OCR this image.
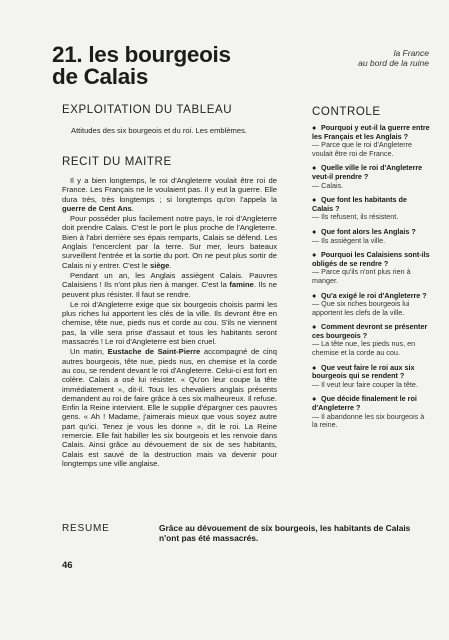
21. les bourgeois
de Calais
la France
au bord de la ruine
EXPLOITATION DU TABLEAU
Attitudes des six bourgeois et du roi. Les emblèmes.
RECIT DU MAITRE

Il y a bien longtemps, le roi d'Angleterre voulait être roi de France. Les Français ne le voulaient pas. Il y eut la guerre. Elle dura très, très longtemps ; si longtemps qu'on l'appela la guerre de Cent Ans.

Pour posséder plus facilement notre pays, le roi d'Angleterre doit prendre Calais. C'est le port le plus proche de l'Angleterre. Bien à l'abri derrière ses épais remparts, Calais se défend. Les Anglais l'encerclent par la terre. Sur mer, leurs bateaux surveillent l'entrée et la sortie du port. On ne peut plus sortir de Calais ni y entrer. C'est le siège.

Pendant un an, les Anglais assiègent Calais. Pauvres Calaisiens ! Ils n'ont plus rien à manger. C'est la famine. Ils ne peuvent plus résister. Il faut se rendre.

Le roi d'Angleterre exige que six bourgeois choisis parmi les plus riches lui apportent les clés de la ville. Ils devront être en chemise, tête nue, pieds nus et corde au cou. S'ils ne viennent pas, la ville sera prise d'assaut et tous les habitants seront massacrés ! Le roi d'Angleterre est bien cruel.

Un matin, Eustache de Saint-Pierre accompagné de cinq autres bourgeois, tête nue, pieds nus, en chemise et la corde au cou, se rendent devant le roi d'Angleterre. Celui-ci est fort en colère. Calais a osé lui résister. « Qu'on leur coupe la tête immédiatement », dit-il. Tous les chevaliers anglais présents demandent au roi de faire grâce à ces six malheureux. Il refuse. Enfin la Reine intervient. Elle le supplie d'épargner ces pauvres gens. « Ah ! Madame, j'aimerais mieux que vous soyez autre part qu'ici. Tenez je vous les donne », dit le roi. La Reine remercie. Elle fait habiller les six bourgeois et les renvoie dans Calais. Ainsi grâce au dévouement de six de ses habitants, Calais est sauvé de la destruction mais va devenir pour longtemps une ville anglaise.

CONTROLE
● Pourquoi y eut-il la guerre entre les Français et les Anglais ?
— Parce que le roi d'Angleterre voulait être roi de France.
● Quelle ville le roi d'Angleterre veut-il prendre ?
— Calais.
● Que font les habitants de Calais ?
— Ils refusent, ils résistent.
● Que font alors les Anglais ?
— Ils assiègent la ville.
● Pourquoi les Calaisiens sont-ils obligés de se rendre ?
— Parce qu'ils n'ont plus rien à manger.
● Qu'a exigé le roi d'Angleterre ?
— Que six riches bourgeois lui apportent les clefs de la ville.
● Comment devront se présenter ces bourgeois ?
— La tête nue, les pieds nus, en chemise et la corde au cou.
● Que veut faire le roi aux six bourgeois qui se rendent ?
— Il veut leur faire couper la tête.
● Que décide finalement le roi d'Angleterre ?
— Il abandonne les six bourgeois à la reine.
RESUME	Grâce au dévouement de six bourgeois, les habitants de Calais n'ont pas été massacrés.
46
